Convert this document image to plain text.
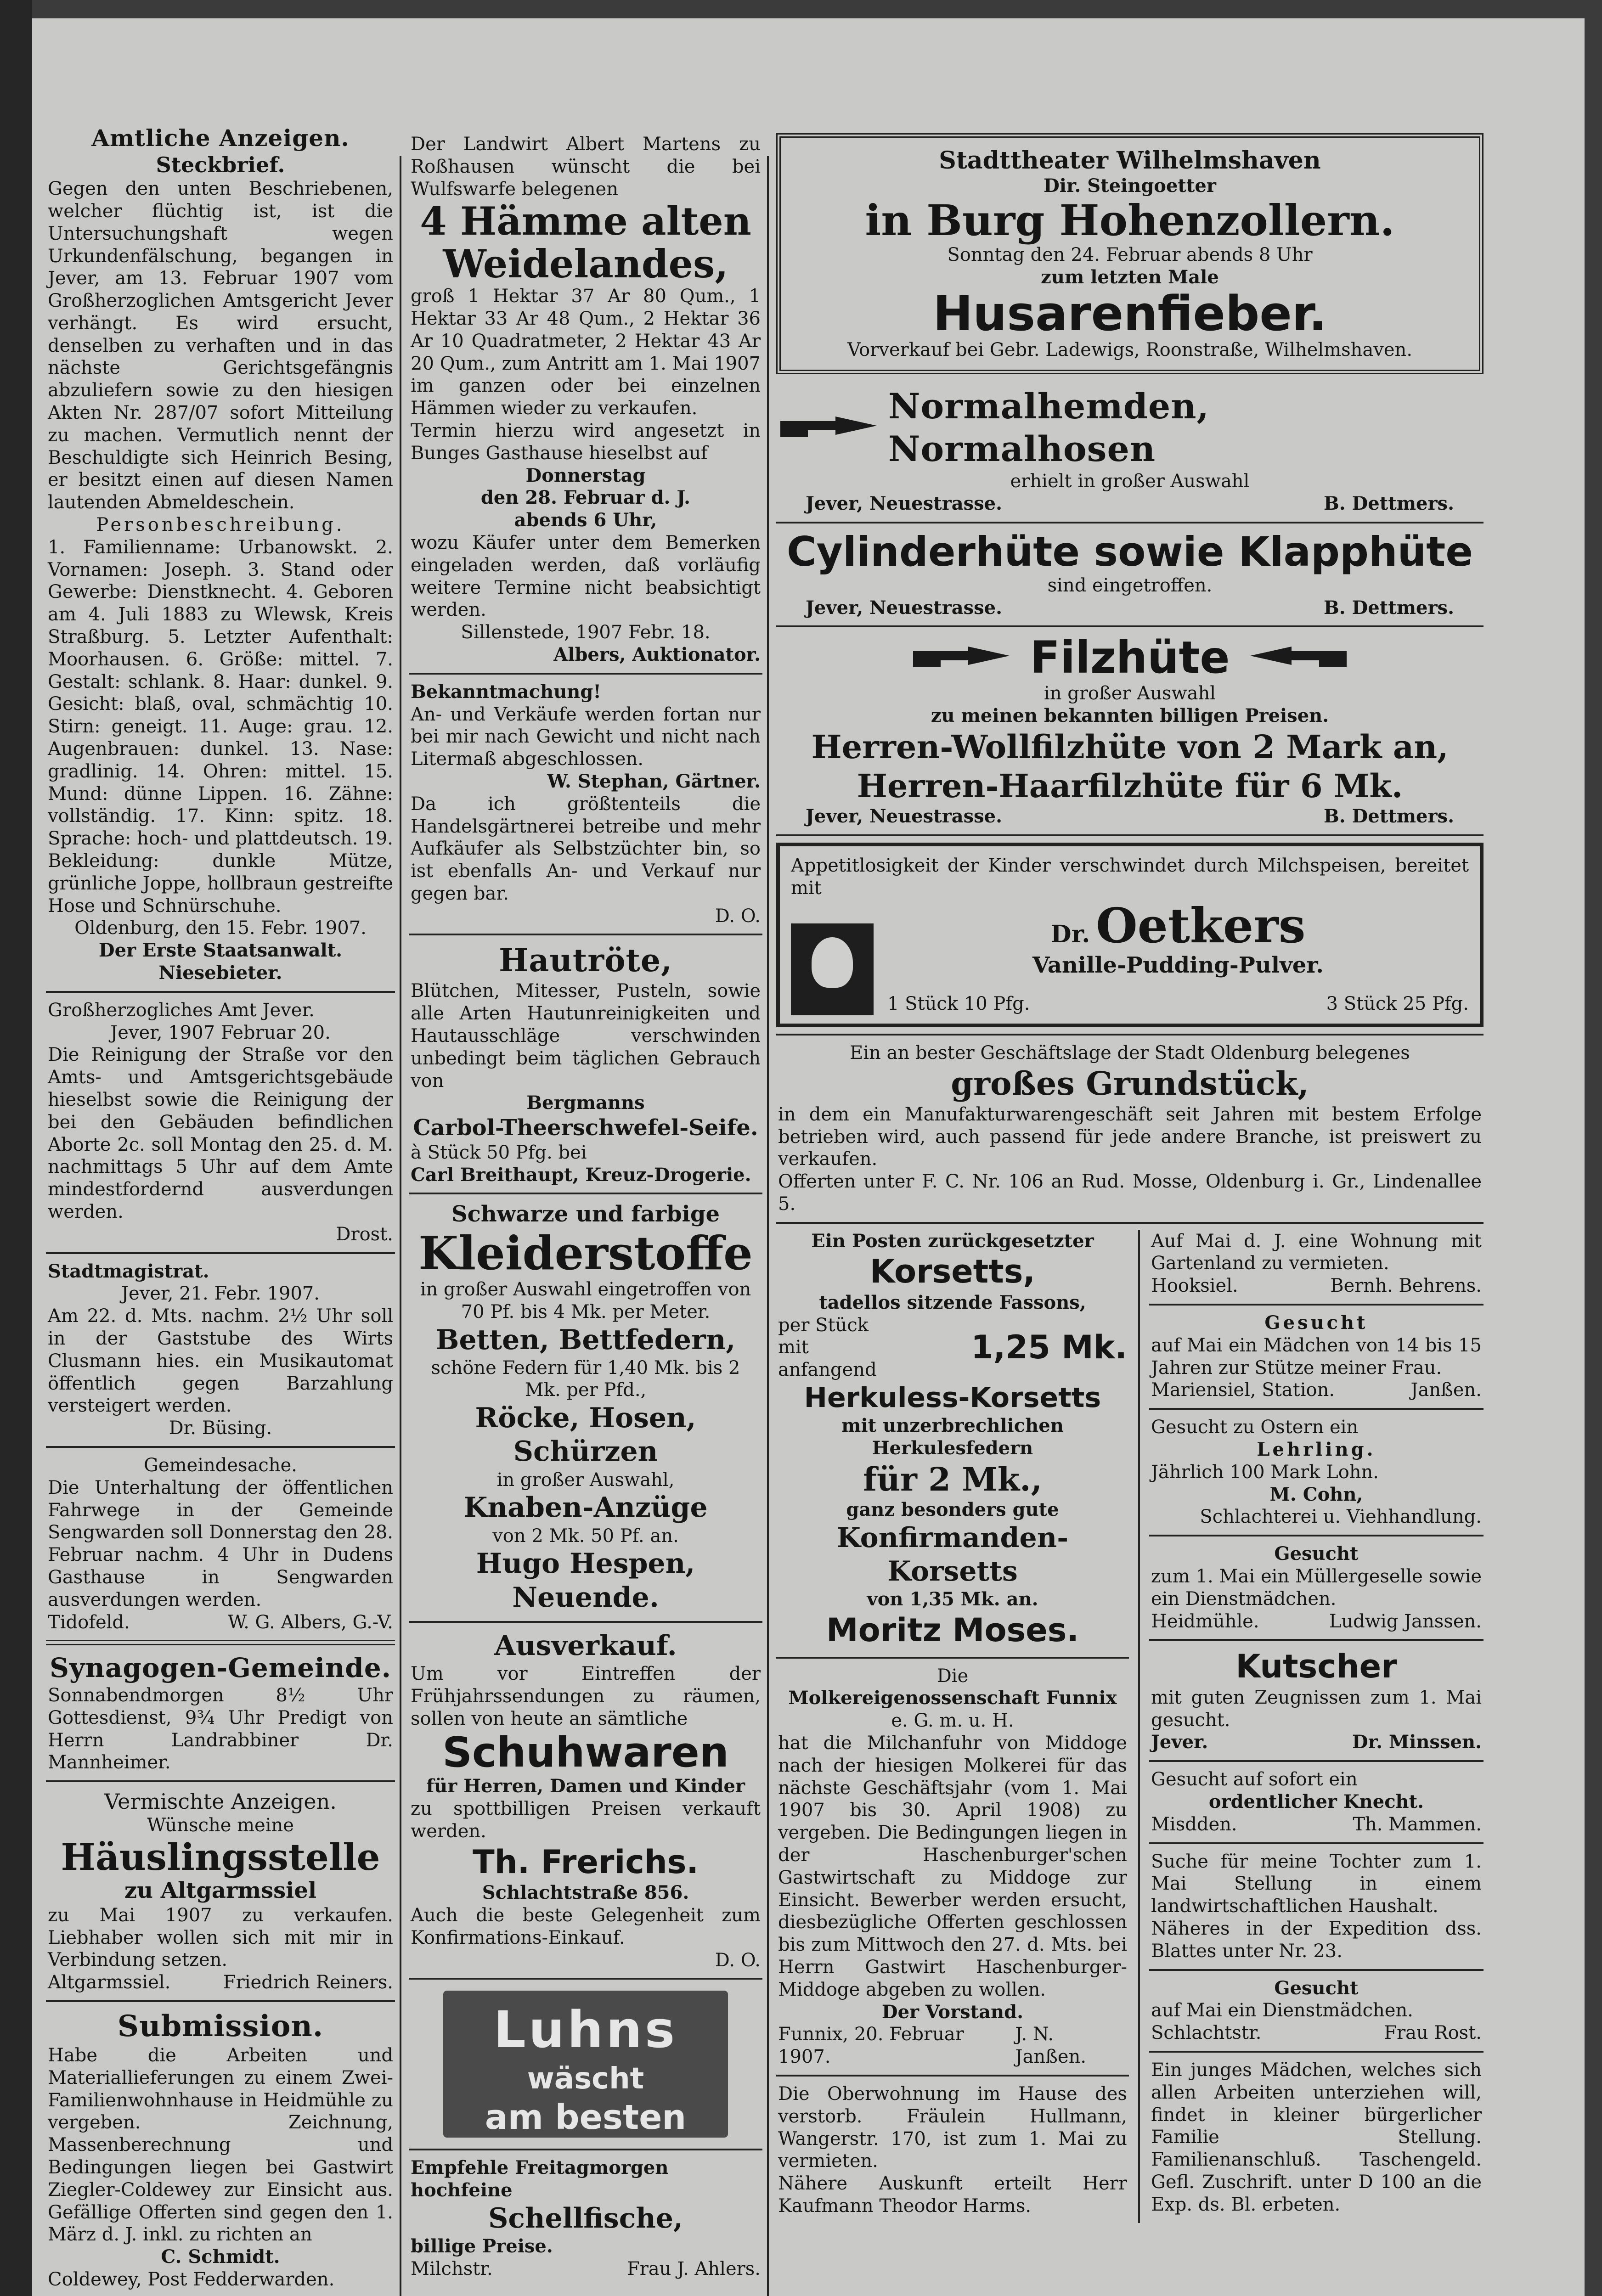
Amtliche Anzeigen.
Steckbrief.
Gegen den unten Beschriebenen, welcher flüchtig ist, ist die Untersuchungshaft wegen Urkundenfälschung, begangen in Jever, am 13. Februar 1907 vom Großherzoglichen Amtsgericht Jever verhängt. Es wird ersucht, denselben zu verhaften und in das nächste Gerichtsgefängnis abzuliefern sowie zu den hiesigen Akten Nr. 287/07 sofort Mitteilung zu machen. Vermutlich nennt der Beschuldigte sich Heinrich Besing, er besitzt einen auf diesen Namen lautenden Abmeldeschein.
Personbeschreibung.
1. Familienname: Urbanowskt. 2. Vornamen: Joseph. 3. Stand oder Gewerbe: Dienstknecht. 4. Geboren am 4. Juli 1883 zu Wlewsk, Kreis Straßburg. 5. Letzter Aufenthalt: Moorhausen. 6. Größe: mittel. 7. Gestalt: schlank. 8. Haar: dunkel. 9. Gesicht: blaß, oval, schmächtig 10. Stirn: geneigt. 11. Auge: grau. 12. Augenbrauen: dunkel. 13. Nase: gradlinig. 14. Ohren: mittel. 15. Mund: dünne Lippen. 16. Zähne: vollständig. 17. Kinn: spitz. 18. Sprache: hoch- und plattdeutsch. 19. Bekleidung: dunkle Mütze, grünliche Joppe, hollbraun gestreifte Hose und Schnürschuhe.
Oldenburg, den 15. Febr. 1907.
Der Erste Staatsanwalt.
Niesebieter.
Großherzogliches Amt Jever.
Jever, 1907 Februar 20.
Die Reinigung der Straße vor den Amts- und Amtsgerichtsgebäude hieselbst sowie die Reinigung der bei den Gebäuden befindlichen Aborte 2c. soll Montag den 25. d. M. nachmittags 5 Uhr auf dem Amte mindestfordernd ausverdungen werden.
Drost.
Stadtmagistrat.
Jever, 21. Febr. 1907.
Am 22. d. Mts. nachm. 2½ Uhr soll in der Gaststube des Wirts Clusmann hies. ein Musikautomat öffentlich gegen Barzahlung versteigert werden.
Dr. Büsing.
Gemeindesache.
Die Unterhaltung der öffentlichen Fahrwege in der Gemeinde Sengwarden soll Donnerstag den 28. Februar nachm. 4 Uhr in Dudens Gasthause in Sengwarden ausverdungen werden.
Tidofeld.	W. G. Albers, G.-V.
Synagogen-Gemeinde.
Sonnabendmorgen 8½ Uhr Gottesdienst, 9¾ Uhr Predigt von Herrn Landrabbiner Dr. Mannheimer.
Vermischte Anzeigen.
Wünsche meine
Häuslingsstelle
zu Altgarmssiel
zu Mai 1907 zu verkaufen. Liebhaber wollen sich mit mir in Verbindung setzen.
Altgarmssiel.	Friedrich Reiners.
Submission.
Habe die Arbeiten und Materiallieferungen zu einem Zwei-Familienwohnhause in Heidmühle zu vergeben. Zeichnung, Massenberechnung und Bedingungen liegen bei Gastwirt Ziegler-Coldewey zur Einsicht aus. Gefällige Offerten sind gegen den 1. März d. J. inkl. zu richten an
C. Schmidt.
Coldewey, Post Fedderwarden.
Der Landwirt Albert Martens zu Roßhausen wünscht die bei Wulfswarfe belegenen
4 Hämme alten
Weidelandes,
groß 1 Hektar 37 Ar 80 Qum., 1 Hektar 33 Ar 48 Qum., 2 Hektar 36 Ar 10 Quadratmeter, 2 Hektar 43 Ar 20 Qum., zum Antritt am 1. Mai 1907 im ganzen oder bei einzelnen Hämmen wieder zu verkaufen.
Termin hierzu wird angesetzt in Bunges Gasthause hieselbst auf
Donnerstag
den 28. Februar d. J.
abends 6 Uhr,
wozu Käufer unter dem Bemerken eingeladen werden, daß vorläufig weitere Termine nicht beabsichtigt werden.
Sillenstede, 1907 Febr. 18.
Albers, Auktionator.
Bekanntmachung!
An- und Verkäufe werden fortan nur bei mir nach Gewicht und nicht nach Litermaß abgeschlossen.
W. Stephan, Gärtner.
Da ich größtenteils die Handelsgärtnerei betreibe und mehr Aufkäufer als Selbstzüchter bin, so ist ebenfalls An- und Verkauf nur gegen bar.
D. O.
Hautröte,
Blütchen, Mitesser, Pusteln, sowie alle Arten Hautunreinigkeiten und Hautausschläge verschwinden unbedingt beim täglichen Gebrauch von
Bergmanns
Carbol-Theerschwefel-Seife.
à Stück 50 Pfg. bei
Carl Breithaupt, Kreuz-Drogerie.
Schwarze und farbige
Kleiderstoffe
in großer Auswahl eingetroffen von 70 Pf. bis 4 Mk. per Meter.
Betten, Bettfedern,
schöne Federn für 1,40 Mk. bis 2 Mk. per Pfd.,
Röcke, Hosen, Schürzen
in großer Auswahl,
Knaben-Anzüge
von 2 Mk. 50 Pf. an.
Hugo Hespen, Neuende.
Ausverkauf.
Um vor Eintreffen der Frühjahrssendungen zu räumen, sollen von heute an sämtliche
Schuhwaren
für Herren, Damen und Kinder
zu spottbilligen Preisen verkauft werden.
Th. Frerichs.
Schlachtstraße 856.
Auch die beste Gelegenheit zum Konfirmations-Einkauf.
D. O.
Luhns
wäscht
am besten
Empfehle Freitagmorgen hochfeine
Schellfische,
billige Preise.
Milchstr.	Frau J. Ahlers.
Stadttheater Wilhelmshaven
Dir. Steingoetter
in Burg Hohenzollern.
Sonntag den 24. Februar abends 8 Uhr
zum letzten Male
Husarenfieber.
Vorverkauf bei Gebr. Ladewigs, Roonstraße, Wilhelmshaven.
Normalhemden, Normalhosen
erhielt in großer Auswahl
Jever, Neuestrasse.	B. Dettmers.
Cylinderhüte sowie Klapphüte
sind eingetroffen.
Jever, Neuestrasse.	B. Dettmers.
Filzhüte
in großer Auswahl
zu meinen bekannten billigen Preisen.
Herren-Wollfilzhüte von 2 Mark an,
Herren-Haarfilzhüte für 6 Mk.
Jever, Neuestrasse.	B. Dettmers.
Appetitlosigkeit der Kinder verschwindet durch Milchspeisen, bereitet mit
Dr. Oetkers
Vanille-Pudding-Pulver.
1 Stück 10 Pfg.	3 Stück 25 Pfg.
Ein an bester Geschäftslage der Stadt Oldenburg belegenes
großes Grundstück,
in dem ein Manufakturwarengeschäft seit Jahren mit bestem Erfolge betrieben wird, auch passend für jede andere Branche, ist preiswert zu verkaufen.
Offerten unter F. C. Nr. 106 an Rud. Mosse, Oldenburg i. Gr., Lindenallee 5.
Ein Posten zurückgesetzter
Korsetts,
tadellos sitzende Fassons,
per Stück mit anfangend
1,25 Mk.
Herkuless-Korsetts
mit unzerbrechlichen Herkulesfedern
für 2 Mk.,
ganz besonders gute
Konfirmanden-Korsetts
von 1,35 Mk. an.
Moritz Moses.
Die
Molkereigenossenschaft Funnix
e. G. m. u. H.
hat die Milchanfuhr von Middoge nach der hiesigen Molkerei für das nächste Geschäftsjahr (vom 1. Mai 1907 bis 30. April 1908) zu vergeben. Die Bedingungen liegen in der Haschenburger'schen Gastwirtschaft zu Middoge zur Einsicht. Bewerber werden ersucht, diesbezügliche Offerten geschlossen bis zum Mittwoch den 27. d. Mts. bei Herrn Gastwirt Haschenburger-Middoge abgeben zu wollen.
Der Vorstand.
Funnix, 20. Februar 1907.
J. N. Janßen.
Die Oberwohnung im Hause des verstorb. Fräulein Hullmann, Wangerstr. 170, ist zum 1. Mai zu vermieten.
Nähere Auskunft erteilt Herr Kaufmann Theodor Harms.
Auf Mai d. J. eine Wohnung mit Gartenland zu vermieten.
Hooksiel.	Bernh. Behrens.
Gesucht
auf Mai ein Mädchen von 14 bis 15 Jahren zur Stütze meiner Frau.
Mariensiel, Station.	Janßen.
Gesucht zu Ostern ein
Lehrling.
Jährlich 100 Mark Lohn.
M. Cohn,
Schlachterei u. Viehhandlung.
Gesucht
zum 1. Mai ein Müllergeselle sowie ein Dienstmädchen.
Heidmühle.	Ludwig Janssen.
Kutscher
mit guten Zeugnissen zum 1. Mai gesucht.
Jever.	Dr. Minssen.
Gesucht auf sofort ein
ordentlicher Knecht.
Misdden.	Th. Mammen.
Suche für meine Tochter zum 1. Mai Stellung in einem landwirtschaftlichen Haushalt.
Näheres in der Expedition dss. Blattes unter Nr. 23.
Gesucht
auf Mai ein Dienstmädchen.
Schlachtstr.	Frau Rost.
Ein junges Mädchen, welches sich allen Arbeiten unterziehen will, findet in kleiner bürgerlicher Familie Stellung. Familienanschluß. Taschengeld. Gefl. Zuschrift. unter D 100 an die Exp. ds. Bl. erbeten.
